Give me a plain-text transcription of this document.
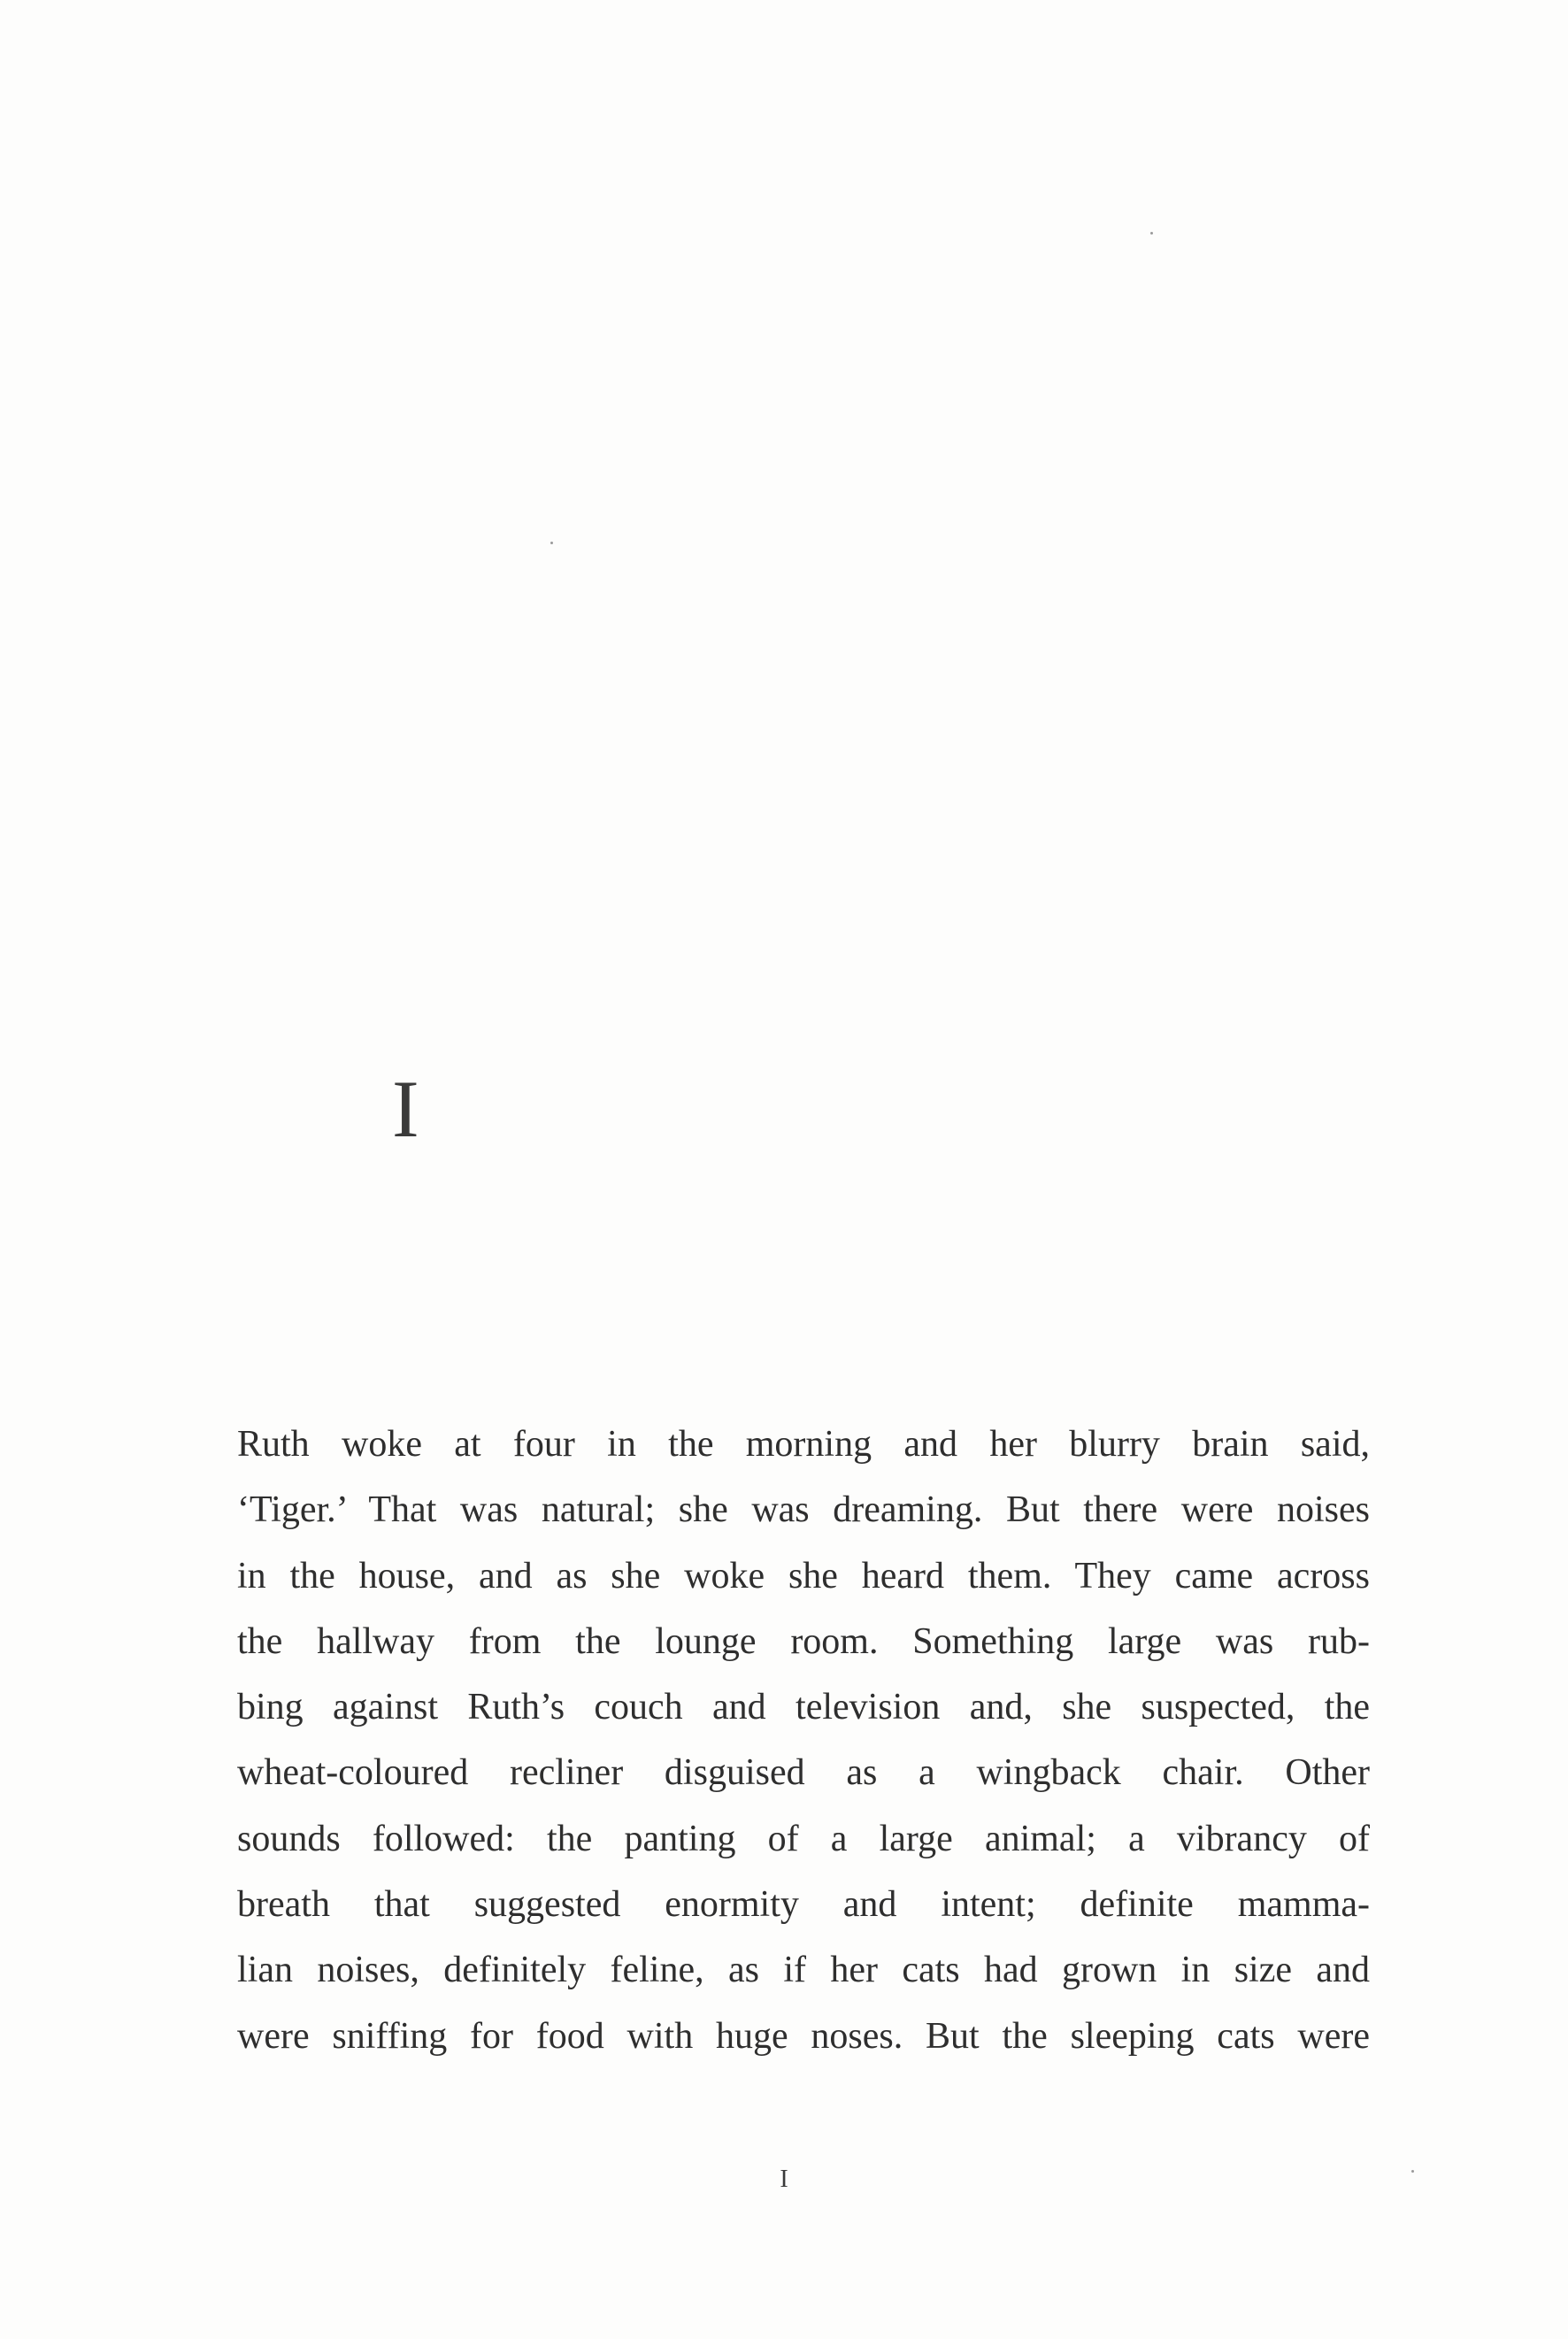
I
Ruth woke at four in the morning and her blurry brain said,
‘Tiger.’ That was natural; she was dreaming. But there were noises
in the house, and as she woke she heard them. They came across
the hallway from the lounge room. Something large was rub-
bing against Ruth’s couch and television and, she suspected, the
wheat-coloured recliner disguised as a wingback chair. Other
sounds followed: the panting of a large animal; a vibrancy of
breath that suggested enormity and intent; definite mamma-
lian noises, definitely feline, as if her cats had grown in size and
were sniffing for food with huge noses. But the sleeping cats were
I
